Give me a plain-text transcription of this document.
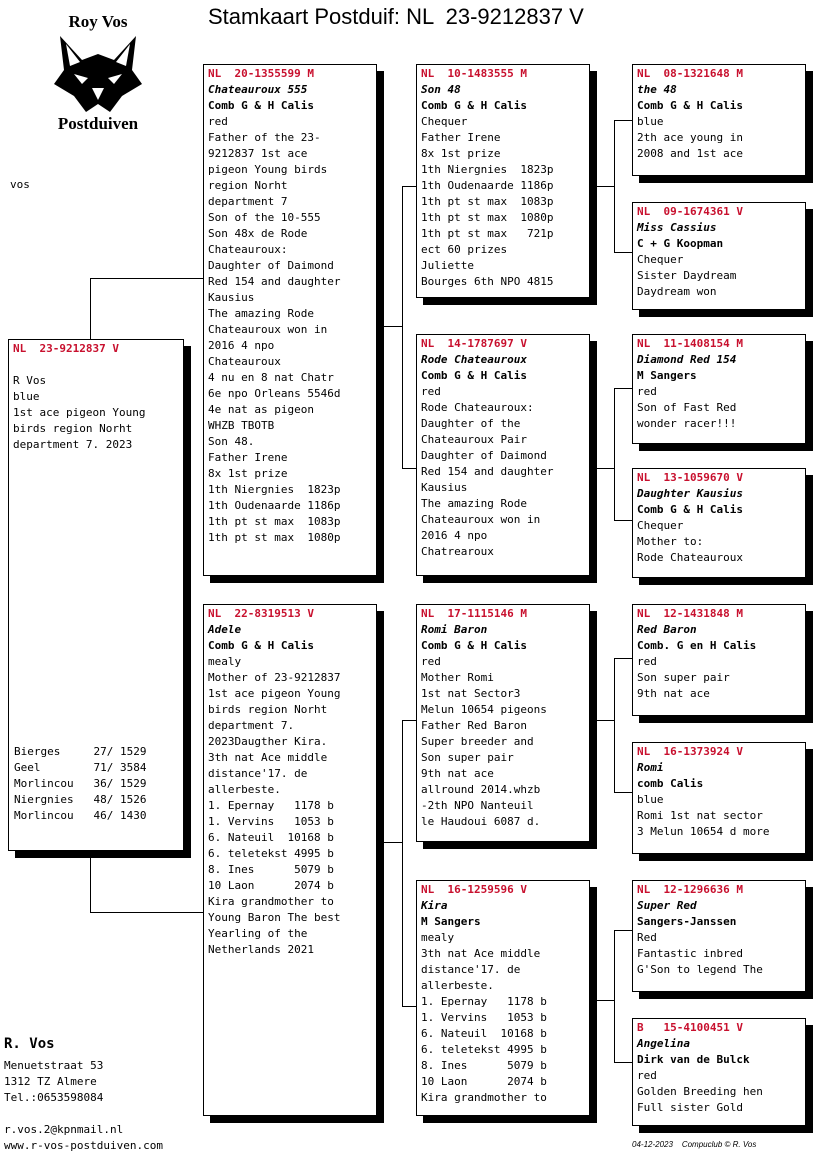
Stamkaart Postduif: NL  23-9212837 V
Roy Vos
Postduiven
vos
NL  23-9212837 V
R Vos
blue
1st ace pigeon Young
birds region Norht
department 7. 2023
Bierges     27/ 1529
Geel        71/ 3584
Morlincou   36/ 1529
Niergnies   48/ 1526
Morlincou   46/ 1430
NL  20-1355599 M
Chateauroux 555
Comb G & H Calis
red
Father of the 23-
9212837 1st ace
pigeon Young birds
region Norht
department 7
Son of the 10-555
Son 48x de Rode
Chateauroux:
Daughter of Daimond
Red 154 and daughter
Kausius
The amazing Rode
Chateauroux won in
2016 4 npo
Chateauroux
4 nu en 8 nat Chatr
6e npo Orleans 5546d
4e nat as pigeon
WHZB TBOTB
Son 48.
Father Irene
8x 1st prize
1th Niergnies  1823p
1th Oudenaarde 1186p
1th pt st max  1083p
1th pt st max  1080p
NL  22-8319513 V
Adele
Comb G & H Calis
mealy
Mother of 23-9212837
1st ace pigeon Young
birds region Norht
department 7.
2023Daugther Kira.
3th nat Ace middle
distance'17. de
allerbeste.
1. Epernay   1178 b
1. Vervins   1053 b
6. Nateuil  10168 b
6. teletekst 4995 b
8. Ines      5079 b
10 Laon      2074 b
Kira grandmother to
Young Baron The best
Yearling of the
Netherlands 2021
NL  10-1483555 M
Son 48
Comb G & H Calis
Chequer
Father Irene
8x 1st prize
1th Niergnies  1823p
1th Oudenaarde 1186p
1th pt st max  1083p
1th pt st max  1080p
1th pt st max   721p
ect 60 prizes
Juliette
Bourges 6th NPO 4815
NL  14-1787697 V
Rode Chateauroux
Comb G & H Calis
red
Rode Chateauroux:
Daughter of the
Chateauroux Pair
Daughter of Daimond
Red 154 and daughter
Kausius
The amazing Rode
Chateauroux won in
2016 4 npo
Chatrearoux
NL  17-1115146 M
Romi Baron
Comb G & H Calis
red
Mother Romi
1st nat Sector3
Melun 10654 pigeons
Father Red Baron
Super breeder and
Son super pair
9th nat ace
allround 2014.whzb
-2th NPO Nanteuil
le Haudoui 6087 d.
NL  16-1259596 V
Kira
M Sangers
mealy
3th nat Ace middle
distance'17. de
allerbeste.
1. Epernay   1178 b
1. Vervins   1053 b
6. Nateuil  10168 b
6. teletekst 4995 b
8. Ines      5079 b
10 Laon      2074 b
Kira grandmother to
NL  08-1321648 M
the 48
Comb G & H Calis
blue
2th ace young in
2008 and 1st ace
NL  09-1674361 V
Miss Cassius
C + G Koopman
Chequer
Sister Daydream
Daydream won
NL  11-1408154 M
Diamond Red 154
M Sangers
red
Son of Fast Red
wonder racer!!!
NL  13-1059670 V
Daughter Kausius
Comb G & H Calis
Chequer
Mother to:
Rode Chateauroux
NL  12-1431848 M
Red Baron
Comb. G en H Calis
red
Son super pair
9th nat ace
NL  16-1373924 V
Romi
comb Calis
blue
Romi 1st nat sector
3 Melun 10654 d more
NL  12-1296636 M
Super Red
Sangers-Janssen
Red
Fantastic inbred
G'Son to legend The
B   15-4100451 V
Angelina
Dirk van de Bulck
red
Golden Breeding hen
Full sister Gold
R. Vos
Menuetstraat 53
1312 TZ Almere
Tel.:0653598084
r.vos.2@kpnmail.nl
www.r-vos-postduiven.com	04-12-2023    Compuclub © R. Vos
